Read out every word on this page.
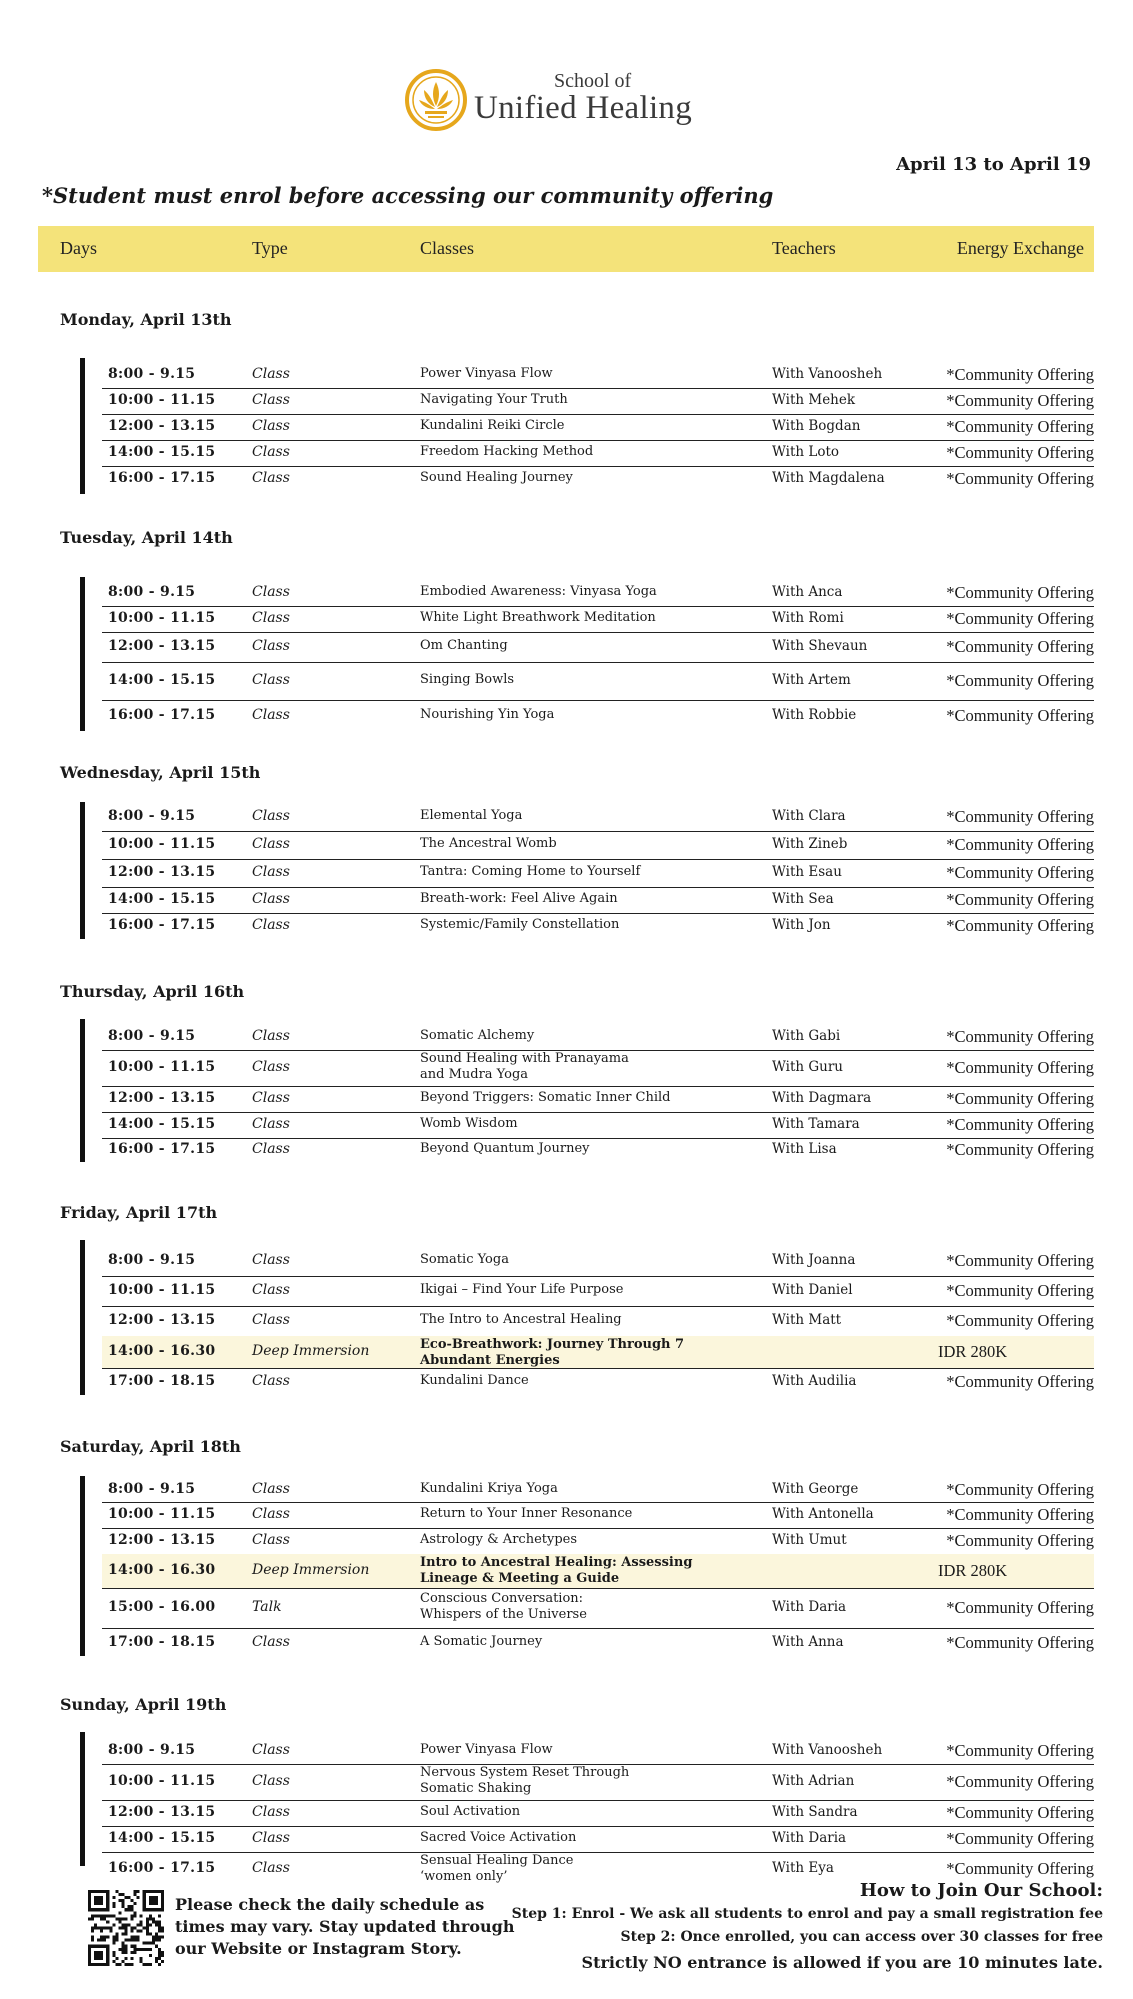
School of
Unified Healing
April 13 to April 19
*Student must enrol before accessing our community offering
Days	Type	Classes	Teachers	Energy Exchange
Monday, April 13th
8:00 - 9.15	Class	Power Vinyasa Flow	With Vanoosheh	*Community Offering
10:00 - 11.15	Class	Navigating Your Truth	With Mehek	*Community Offering
12:00 - 13.15	Class	Kundalini Reiki Circle	With Bogdan	*Community Offering
14:00 - 15.15	Class	Freedom Hacking Method	With Loto	*Community Offering
16:00 - 17.15	Class	Sound Healing Journey	With Magdalena	*Community Offering
Tuesday, April 14th
8:00 - 9.15	Class	Embodied Awareness: Vinyasa Yoga	With Anca	*Community Offering
10:00 - 11.15	Class	White Light Breathwork Meditation	With Romi	*Community Offering
12:00 - 13.15	Class	Om Chanting	With Shevaun	*Community Offering
14:00 - 15.15	Class	Singing Bowls	With Artem	*Community Offering
16:00 - 17.15	Class	Nourishing Yin Yoga	With Robbie	*Community Offering
Wednesday, April 15th
8:00 - 9.15	Class	Elemental Yoga	With Clara	*Community Offering
10:00 - 11.15	Class	The Ancestral Womb	With Zineb	*Community Offering
12:00 - 13.15	Class	Tantra: Coming Home to Yourself	With Esau	*Community Offering
14:00 - 15.15	Class	Breath-work: Feel Alive Again	With Sea	*Community Offering
16:00 - 17.15	Class	Systemic/Family Constellation	With Jon	*Community Offering
Thursday, April 16th
8:00 - 9.15	Class	Somatic Alchemy	With Gabi	*Community Offering
10:00 - 11.15	Class
Sound Healing with Pranayama
and Mudra Yoga	With Guru	*Community Offering
12:00 - 13.15	Class	Beyond Triggers: Somatic Inner Child	With Dagmara	*Community Offering
14:00 - 15.15	Class	Womb Wisdom	With Tamara	*Community Offering
16:00 - 17.15	Class	Beyond Quantum Journey	With Lisa	*Community Offering
Friday, April 17th
8:00 - 9.15	Class	Somatic Yoga	With Joanna	*Community Offering
10:00 - 11.15	Class	Ikigai – Find Your Life Purpose	With Daniel	*Community Offering
12:00 - 13.15	Class	The Intro to Ancestral Healing	With Matt	*Community Offering
14:00 - 16.30	Deep Immersion	Eco-Breathwork: Journey Through 7
Abundant Energies	IDR 280K
17:00 - 18.15	Class	Kundalini Dance	With Audilia	*Community Offering
Saturday, April 18th
8:00 - 9.15	Class	Kundalini Kriya Yoga	With George	*Community Offering
10:00 - 11.15	Class	Return to Your Inner Resonance	With Antonella	*Community Offering
12:00 - 13.15	Class	Astrology & Archetypes	With Umut	*Community Offering
14:00 - 16.30	Deep Immersion	Intro to Ancestral Healing: Assessing
Lineage & Meeting a Guide	IDR 280K
15:00 - 16.00	Talk
Conscious Conversation:
Whispers of the Universe	With Daria	*Community Offering
17:00 - 18.15	Class	A Somatic Journey	With Anna	*Community Offering
Sunday, April 19th
8:00 - 9.15	Class	Power Vinyasa Flow	With Vanoosheh	*Community Offering
10:00 - 11.15	Class
Nervous System Reset Through
Somatic Shaking	With Adrian	*Community Offering
12:00 - 13.15	Class	Soul Activation	With Sandra	*Community Offering
14:00 - 15.15	Class	Sacred Voice Activation	With Daria	*Community Offering
16:00 - 17.15	Class	Sensual Healing Dance
‘women only’
With Eya	*Community Offering
Please check the daily schedule as times may vary. Stay updated through our Website or Instagram Story.
How to Join Our School:
Step 1: Enrol - We ask all students to enrol and pay a small registration fee
Step 2: Once enrolled, you can access over 30 classes for free
Strictly NO entrance is allowed if you are 10 minutes late.
